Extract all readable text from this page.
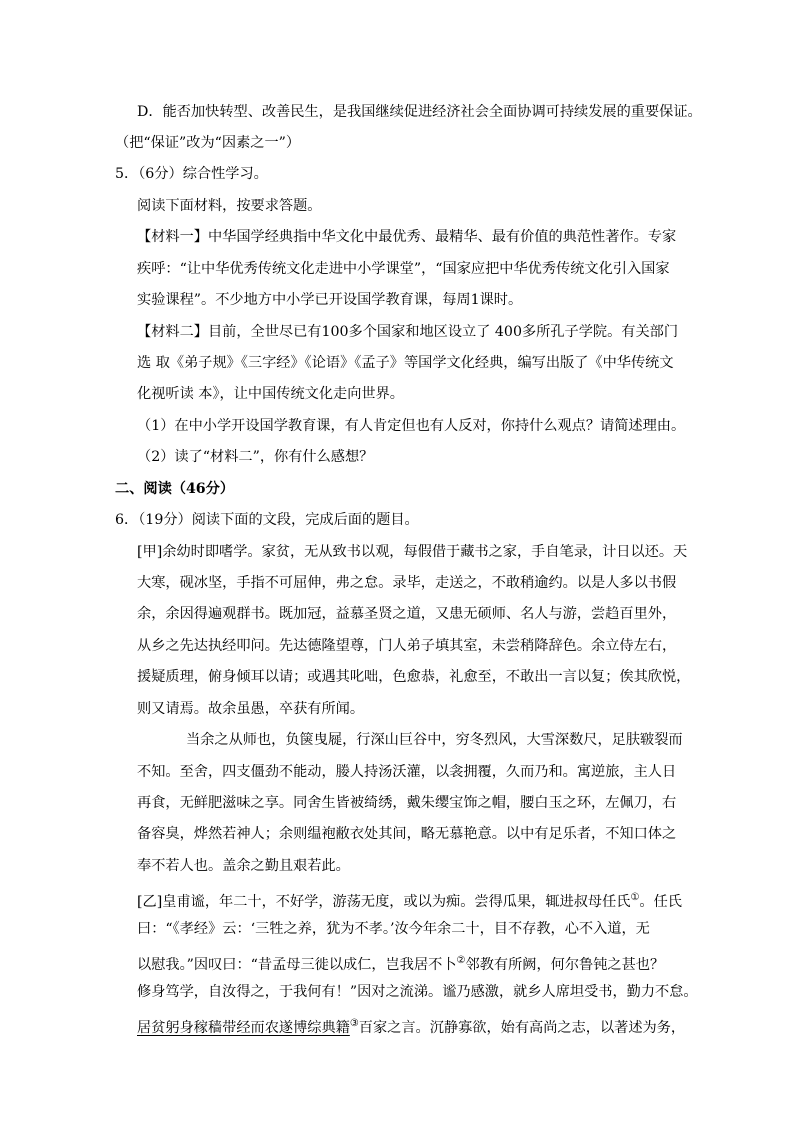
D．能否加快转型、改善民生，是我国继续促进经济社会全面协调可持续发展的重要保证。
（把“保证”改为“因素之一”）
5．（6分）综合性学习。
阅读下面材料，按要求答题。
【材料一】中华国学经典指中华文化中最优秀、最精华、最有价值的典范性著作。专家
疾呼：“让中华优秀传统文化走进中小学课堂”，“国家应把中华优秀传统文化引入国家
实验课程”。不少地方中小学已开设国学教育课，每周1课时。
【材料二】目前，全世尽已有100多个国家和地区设立了 400多所孔子学院。有关部门
选 取《弟子规》《三字经》《论语》《孟子》等国学文化经典，编写出版了《中华传统文
化视听读 本》，让中国传统文化走向世界。
（1）在中小学开设国学教育课，有人肯定但也有人反对，你持什么观点？请简述理由。
（2）读了“材料二”，你有什么感想？
二、阅读（46分）
6．（19分）阅读下面的文段，完成后面的题目。
[甲]余幼时即嗜学。家贫，无从致书以观，每假借于藏书之家，手自笔录，计日以还。天
大寒，砚冰坚，手指不可屈伸，弗之怠。录毕，走送之，不敢稍逾约。以是人多以书假
余，余因得遍观群书。既加冠，益慕圣贤之道，又患无硕师、名人与游，尝趋百里外，
从乡之先达执经叩问。先达德隆望尊，门人弟子填其室，未尝稍降辞色。余立侍左右，
援疑质理，俯身倾耳以请；或遇其叱咄，色愈恭，礼愈至，不敢出一言以复；俟其欣悦，
则又请焉。故余虽愚，卒获有所闻。
当余之从师也，负箧曳屣，行深山巨谷中，穷冬烈风，大雪深数尺，足肤皲裂而
不知。至舍，四支僵劲不能动，媵人持汤沃灌，以衾拥覆，久而乃和。寓逆旅，主人日
再食，无鲜肥滋味之享。同舍生皆被绮绣，戴朱缨宝饰之帽，腰白玉之环，左佩刀，右
备容臭，烨然若神人；余则缊袍敝衣处其间，略无慕艳意。以中有足乐者，不知口体之
奉不若人也。盖余之勤且艰若此。
[乙]皇甫谧，年二十，不好学，游荡无度，或以为痴。尝得瓜果，辄进叔母任氏①。任氏
曰：“《孝经》云：‘三牲之养，犹为不孝。’汝今年余二十，目不存教，心不入道，无
以慰我。”因叹曰：“昔孟母三徙以成仁，岂我居不卜②邻教有所阙，何尔鲁钝之甚也？
修身笃学，自汝得之，于我何有！”因对之流涕。谧乃感激，就乡人席坦受书，勤力不怠。
居贫躬身稼穑带经而农遂博综典籍③百家之言。沉静寡欲，始有高尚之志，以著述为务，
